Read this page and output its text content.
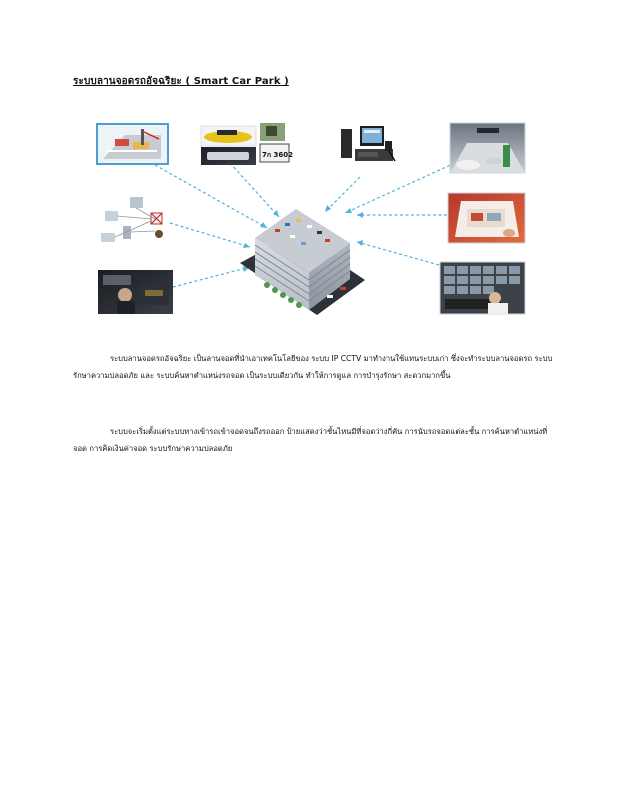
ระบบลานจอดรถอัจฉริยะ ( Smart Car Park )
7ก 3602
ระบบลานจอดรถอัจฉริยะ เป็นลานจอดที่นำเอาเทคโนโลยีของ ระบบ IP CCTV มาทำงานใช้แทนระบบเก่า ซึ่งจะทำระบบลานจอดรถ ระบบรักษาความปลอดภัย และ ระบบค้นหาตำแหน่งรถจอด เป็นระบบเดียวกัน ทำให้การดูแล การบำรุงรักษา สะดวกมากขึ้น
ระบบจะเริ่มตั้งแต่ระบบทางเข้ารถเข้าจอดจนถึงรถออก ป้ายแสดงว่าชั้นไหนมีที่จอดว่างกี่คัน การนับรถจอดแต่ละชั้น การค้นหาตำแหน่งที่จอด การคิดเงินค่าจอด ระบบรักษาความปลอดภัย
